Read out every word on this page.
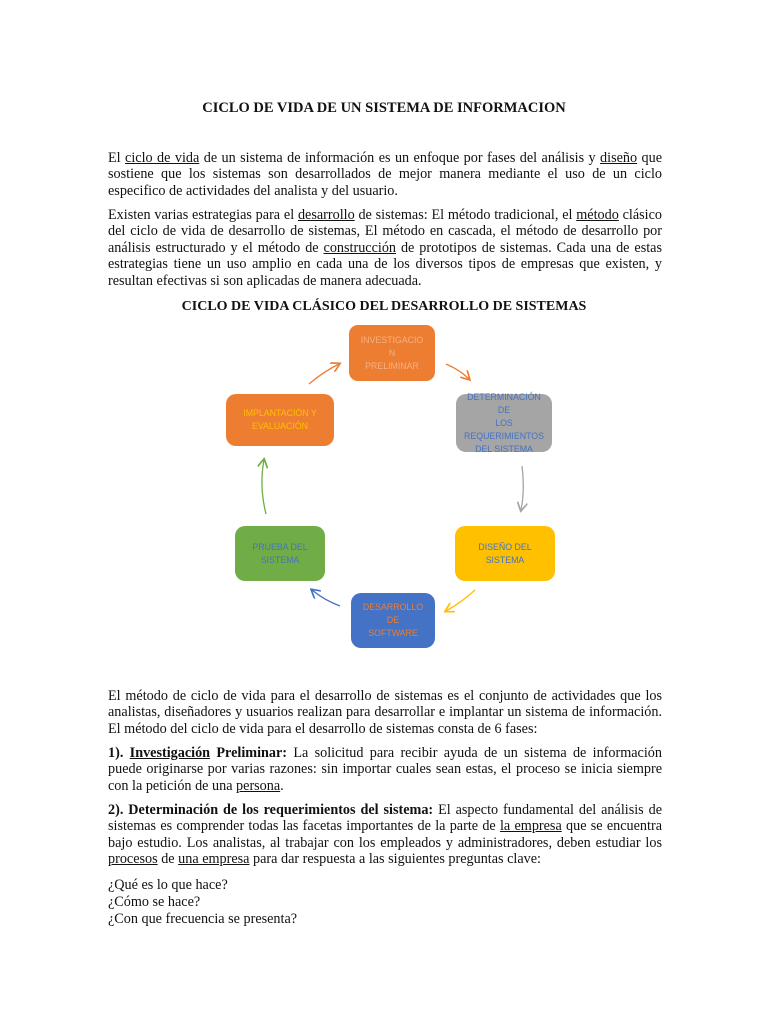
CICLO DE VIDA DE UN SISTEMA DE INFORMACION

El ciclo de vida de un sistema de información es un enfoque por fases del análisis y diseño que sostiene que los sistemas son desarrollados de mejor manera mediante el uso de un ciclo especifico de actividades del analista y del usuario.

Existen varias estrategias para el desarrollo de sistemas: El método tradicional, el método clásico del ciclo de vida de desarrollo de sistemas, El método en cascada, el método de desarrollo por análisis estructurado y el método de construcción de prototipos de sistemas. Cada una de estas estrategias tiene un uso amplio en cada una de los diversos tipos de empresas que existen, y resultan efectivas si son aplicadas de manera adecuada.

CICLO DE VIDA CLÁSICO DEL DESARROLLO DE SISTEMAS
INVESTIGACIO
N
PRELIMINAR
DETERMINACIÓN DE
LOS
REQUERIMIENTOS
DEL SISTEMA
DISEÑO DEL
SISTEMA
DESARROLLO
DE
SOFTWARE
PRUEBA DEL
SISTEMA
IMPLANTACIÓN Y
EVALUACIÓN

El método de ciclo de vida para el desarrollo de sistemas es el conjunto de actividades que los analistas, diseñadores y usuarios realizan para desarrollar e implantar un sistema de información. El método del ciclo de vida para el desarrollo de sistemas consta de 6 fases:

1). Investigación Preliminar: La solicitud para recibir ayuda de un sistema de información puede originarse por varias razones: sin importar cuales sean estas, el proceso se inicia siempre con la petición de una persona.

2). Determinación de los requerimientos del sistema: El aspecto fundamental del análisis de sistemas es comprender todas las facetas importantes de la parte de la empresa que se encuentra bajo estudio. Los analistas, al trabajar con los empleados y administradores, deben estudiar los procesos de una empresa para dar respuesta a las siguientes preguntas clave:

¿Qué es lo que hace?

¿Cómo se hace?

¿Con que frecuencia se presenta?
